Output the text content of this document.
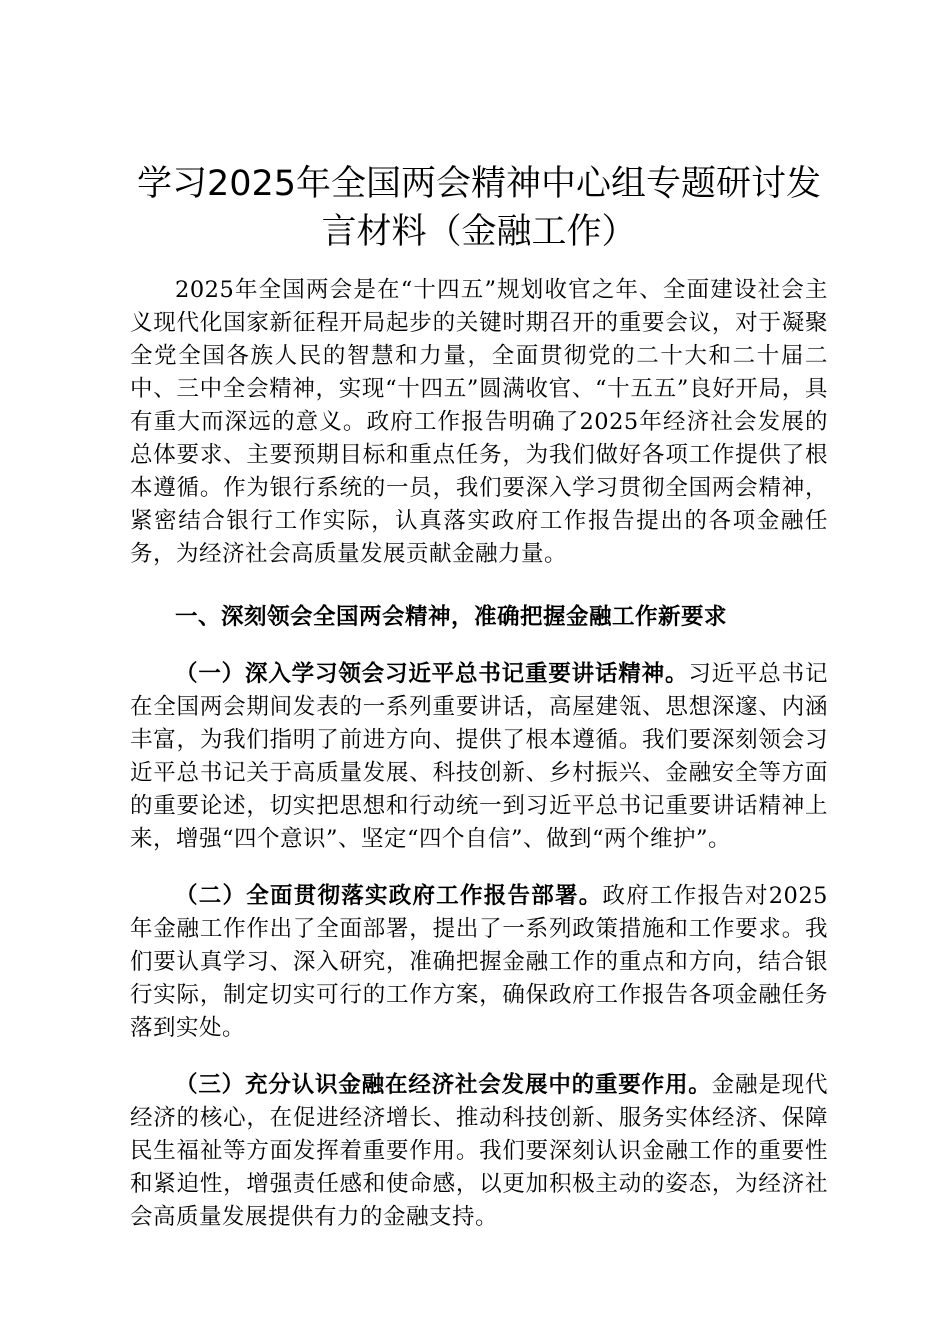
学习2025年全国两会精神中心组专题研讨发
言材料（金融工作）

2025年全国两会是在“十四五”规划收官之年、全面建设社会主义现代化国家新征程开局起步的关键时期召开的重要会议，对于凝聚全党全国各族人民的智慧和力量，全面贯彻党的二十大和二十届二中、三中全会精神，实现“十四五”圆满收官、“十五五”良好开局，具有重大而深远的意义。政府工作报告明确了2025年经济社会发展的总体要求、主要预期目标和重点任务，为我们做好各项工作提供了根本遵循。作为银行系统的一员，我们要深入学习贯彻全国两会精神，紧密结合银行工作实际，认真落实政府工作报告提出的各项金融任务，为经济社会高质量发展贡献金融力量。

一、深刻领会全国两会精神，准确把握金融工作新要求

（一）深入学习领会习近平总书记重要讲话精神。习近平总书记在全国两会期间发表的一系列重要讲话，高屋建瓴、思想深邃、内涵丰富，为我们指明了前进方向、提供了根本遵循。我们要深刻领会习近平总书记关于高质量发展、科技创新、乡村振兴、金融安全等方面的重要论述，切实把思想和行动统一到习近平总书记重要讲话精神上来，增强“四个意识”、坚定“四个自信”、做到“两个维护”。

（二）全面贯彻落实政府工作报告部署。政府工作报告对2025年金融工作作出了全面部署，提出了一系列政策措施和工作要求。我们要认真学习、深入研究，准确把握金融工作的重点和方向，结合银行实际，制定切实可行的工作方案，确保政府工作报告各项金融任务落到实处。

（三）充分认识金融在经济社会发展中的重要作用。金融是现代经济的核心，在促进经济增长、推动科技创新、服务实体经济、保障民生福祉等方面发挥着重要作用。我们要深刻认识金融工作的重要性和紧迫性，增强责任感和使命感，以更加积极主动的姿态，为经济社会高质量发展提供有力的金融支持。
